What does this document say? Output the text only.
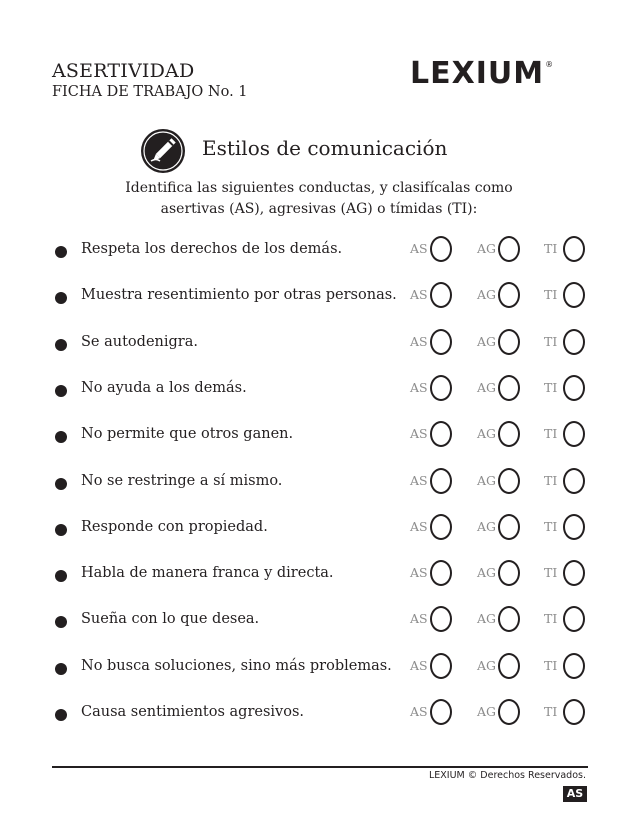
ASERTIVIDAD
FICHA DE TRABAJO No. 1
LEXIUM®
Estilos de comunicación
Identifica las siguientes conductas, y clasifícalas como
asertivas (AS), agresivas (AG) o tímidas (TI):
Respeta los derechos de los demás.	AS	AG	TI
Muestra resentimiento por otras personas. AS	AG	TI
Se autodenigra.	AS	AG	TI
No ayuda a los demás.	AS	AG	TI
No permite que otros ganen.	AS	AG	TI
No se restringe a sí mismo.	AS	AG	TI
Responde con propiedad.	AS	AG	TI
Habla de manera franca y directa.	AS	AG	TI
Sueña con lo que desea.	AS	AG	TI
No busca soluciones, sino más problemas. AS	AG	TI
Causa sentimientos agresivos.	AS	AG	TI
LEXIUM © Derechos Reservados.
AS
